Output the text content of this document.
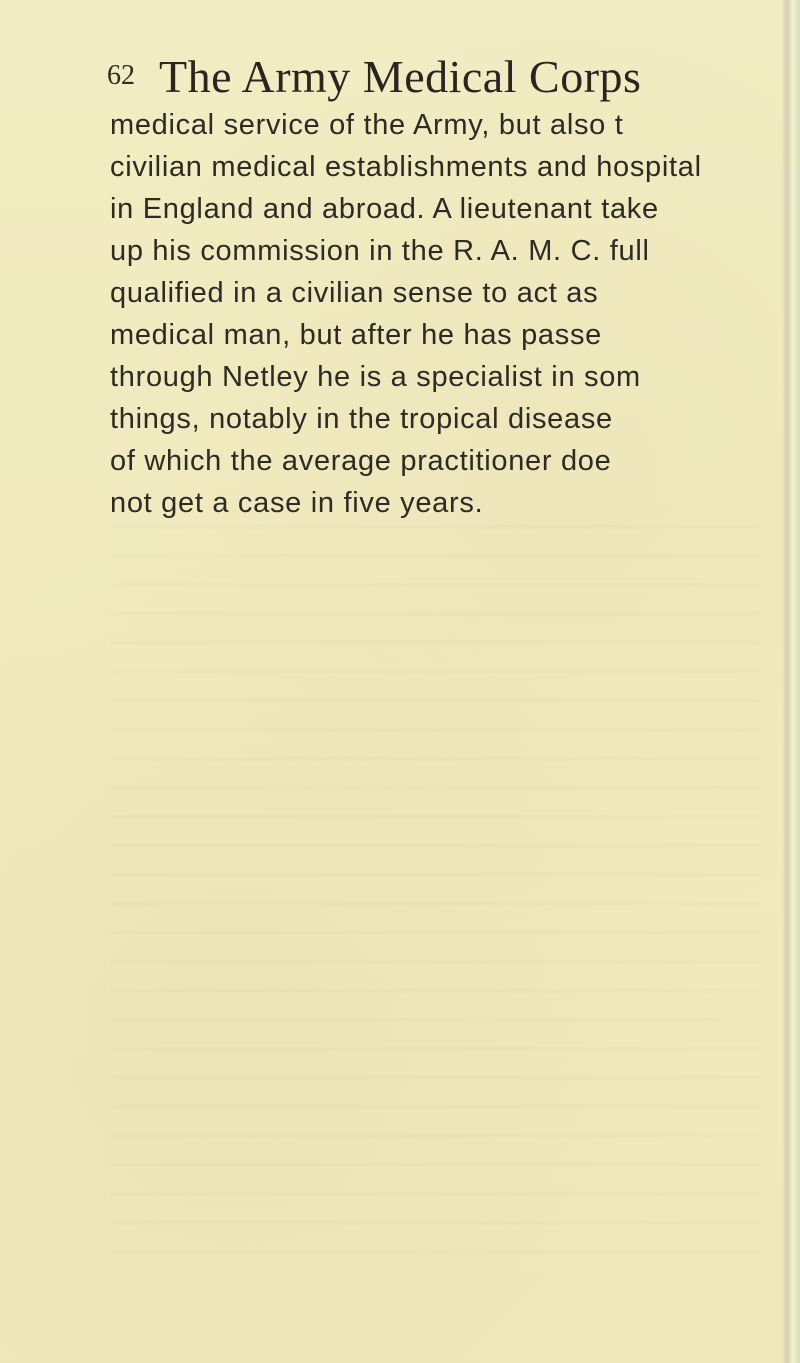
62 The Army Medical Corps
medical service of the Army, but also t
civilian medical establishments and hospital
in England and abroad. A lieutenant take
up his commission in the R. A. M. C. full
qualified in a civilian sense to act as
medical man, but after he has passe
through Netley he is a specialist in som
things, notably in the tropical disease
of which the average practitioner doe
not get a case in five years.
